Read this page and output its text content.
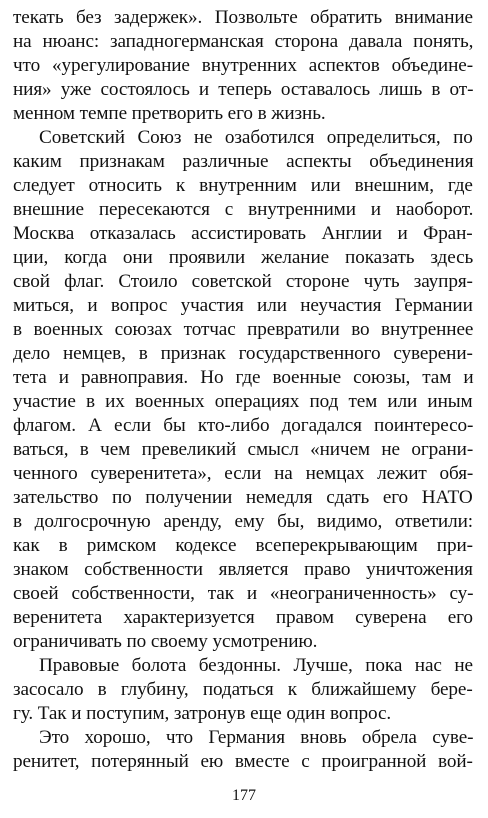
текать без задержек». Позвольте обратить внимание
на нюанс: западногерманская сторона давала понять,
что «урегулирование внутренних аспектов объедине-
ния» уже состоялось и теперь оставалось лишь в от-
менном темпе претворить его в жизнь.
Советский Союз не озаботился определиться, по
каким признакам различные аспекты объединения
следует относить к внутренним или внешним, где
внешние пересекаются с внутренними и наоборот.
Москва отказалась ассистировать Англии и Фран-
ции, когда они проявили желание показать здесь
свой флаг. Стоило советской стороне чуть заупря-
миться, и вопрос участия или неучастия Германии
в военных союзах тотчас превратили во внутреннее
дело немцев, в признак государственного суверени-
тета и равноправия. Но где военные союзы, там и
участие в их военных операциях под тем или иным
флагом. А если бы кто-либо догадался поинтересо-
ваться, в чем превеликий смысл «ничем не ограни-
ченного суверенитета», если на немцах лежит обя-
зательство по получении немедля сдать его НАТО
в долгосрочную аренду, ему бы, видимо, ответили:
как в римском кодексе всеперекрывающим при-
знаком собственности является право уничтожения
своей собственности, так и «неограниченность» су-
веренитета характеризуется правом суверена его
ограничивать по своему усмотрению.
Правовые болота бездонны. Лучше, пока нас не
засосало в глубину, податься к ближайшему бере-
гу. Так и поступим, затронув еще один вопрос.
Это хорошо, что Германия вновь обрела суве-
ренитет, потерянный ею вместе с проигранной вой-
177
